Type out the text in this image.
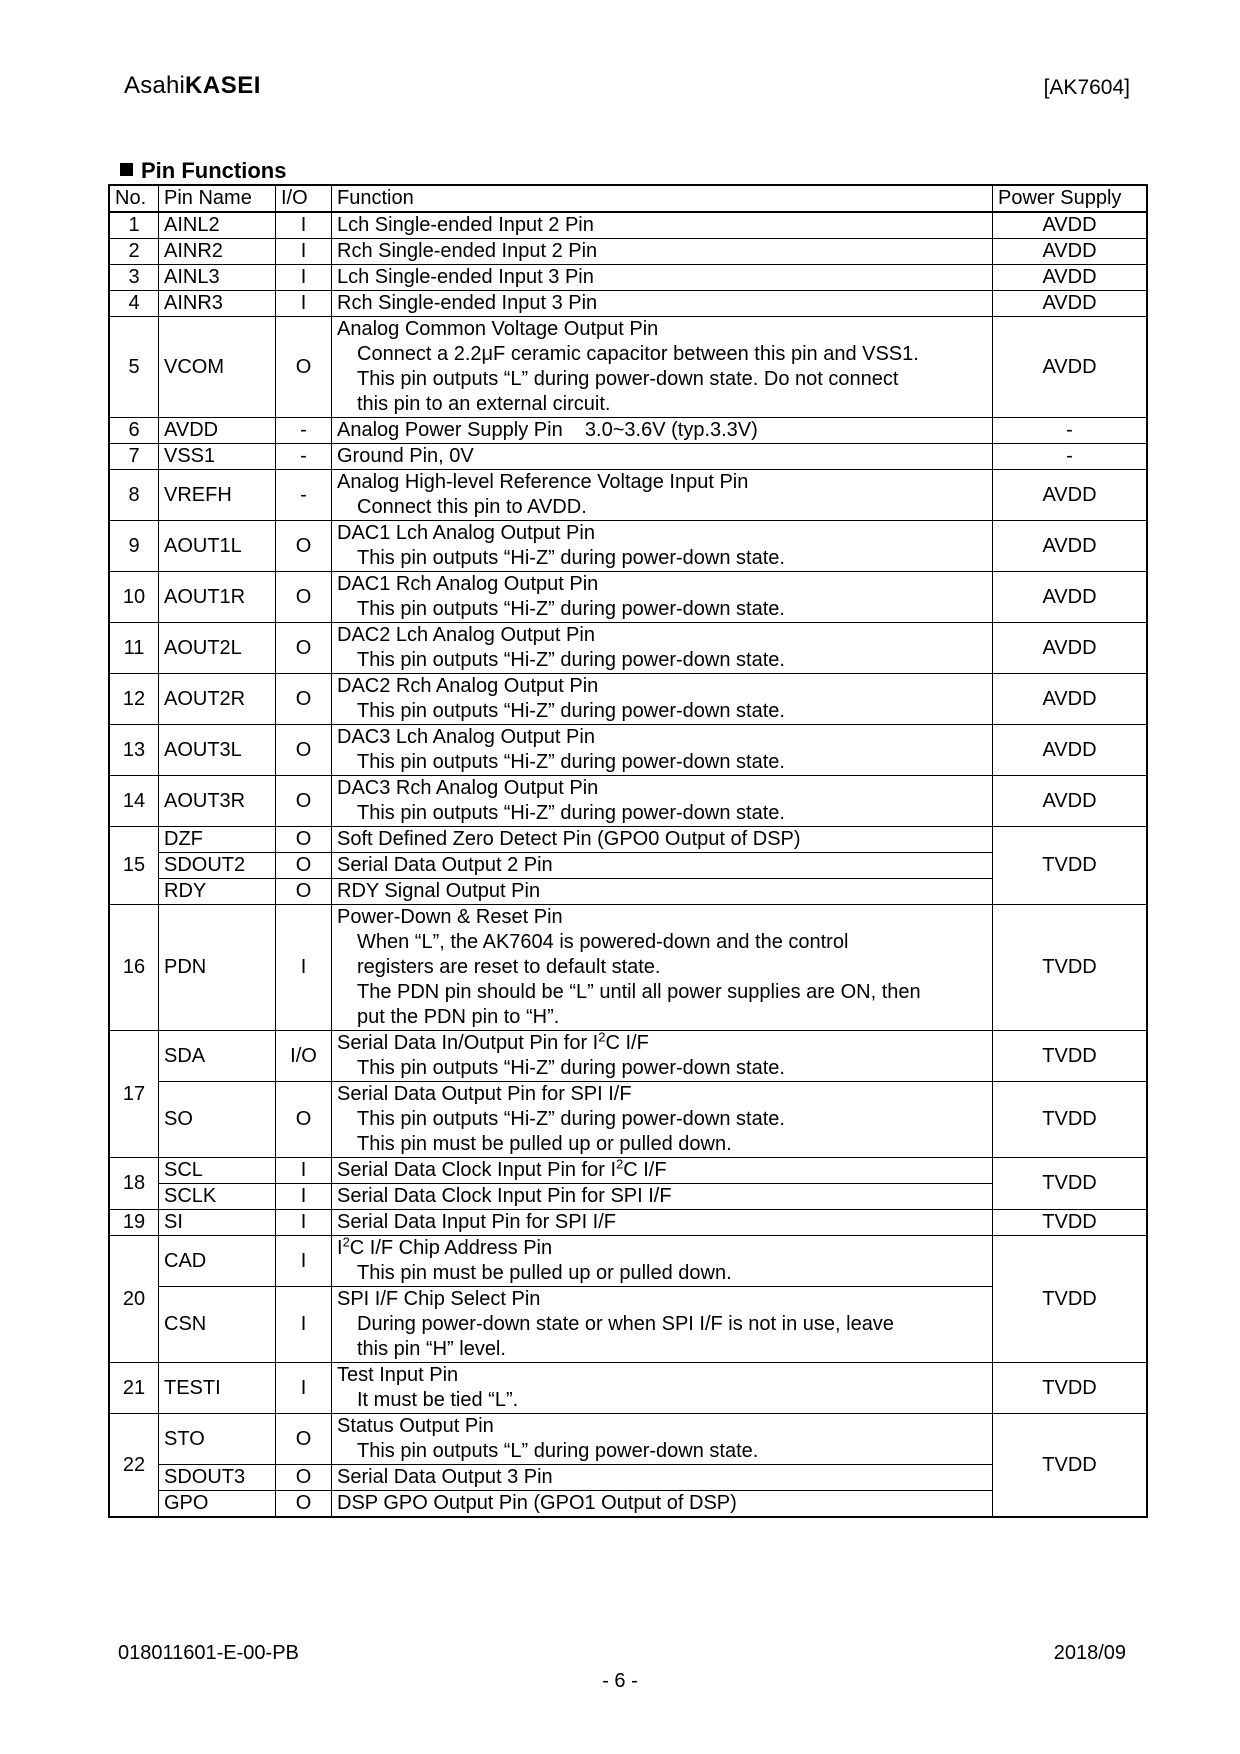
AsahiKASEI	[AK7604]
Pin Functions
No.	Pin Name	I/O	Function	Power Supply
1	AINL2	I	Lch Single-ended Input 2 Pin	AVDD
2	AINR2	I	Rch Single-ended Input 2 Pin	AVDD
3	AINL3	I	Lch Single-ended Input 3 Pin	AVDD
4	AINR3	I	Rch Single-ended Input 3 Pin	AVDD
5	VCOM	O	Analog Common Voltage Output Pin
Connect a 2.2μF ceramic capacitor between this pin and VSS1.
This pin outputs “L” during power-down state. Do not connect
this pin to an external circuit.	AVDD
6	AVDD	-	Analog Power Supply Pin    3.0~3.6V (typ.3.3V)	-
7	VSS1	-	Ground Pin, 0V	-
8	VREFH	-	Analog High-level Reference Voltage Input Pin
Connect this pin to AVDD.	AVDD
9	AOUT1L	O	DAC1 Lch Analog Output Pin
This pin outputs “Hi-Z” during power-down state.	AVDD
10	AOUT1R	O	DAC1 Rch Analog Output Pin
This pin outputs “Hi-Z” during power-down state.	AVDD
11	AOUT2L	O	DAC2 Lch Analog Output Pin
This pin outputs “Hi-Z” during power-down state.	AVDD
12	AOUT2R	O	DAC2 Rch Analog Output Pin
This pin outputs “Hi-Z” during power-down state.	AVDD
13	AOUT3L	O	DAC3 Lch Analog Output Pin
This pin outputs “Hi-Z” during power-down state.	AVDD
14	AOUT3R	O	DAC3 Rch Analog Output Pin
This pin outputs “Hi-Z” during power-down state.	AVDD
15	DZF	O	Soft Defined Zero Detect Pin (GPO0 Output of DSP)	TVDD
	SDOUT2	O	Serial Data Output 2 Pin	
	RDY	O	RDY Signal Output Pin	
16	PDN	I	Power-Down & Reset Pin
When “L”, the AK7604 is powered-down and the control
registers are reset to default state.
The PDN pin should be “L” until all power supplies are ON, then
put the PDN pin to “H”.	TVDD
17	SDA	I/O	Serial Data In/Output Pin for $I^2C$ I/F
This pin outputs “Hi-Z” during power-down state.	TVDD
	SO	O	Serial Data Output Pin for SPI I/F
This pin outputs “Hi-Z” during power-down state.
This pin must be pulled up or pulled down.	TVDD
18	SCL	I	Serial Data Clock Input Pin for $I^2C$ I/F	TVDD
	SCLK	I	Serial Data Clock Input Pin for SPI I/F	
19	SI	I	Serial Data Input Pin for SPI I/F	TVDD
20	CAD	I	$I^2C$ I/F Chip Address Pin
This pin must be pulled up or pulled down.	TVDD
	CSN	I	SPI I/F Chip Select Pin
During power-down state or when SPI I/F is not in use, leave
this pin “H” level.	

21	TESTI	I	Test Input Pin
It must be tied “L”.	TVDD
22	STO	O	Status Output Pin
This pin outputs “L” during power-down state.	TVDD
	SDOUT3	O	Serial Data Output 3 Pin	
	GPO	O	DSP GPO Output Pin (GPO1 Output of DSP)	
018011601-E-00-PB	2018/09
- 6 -
